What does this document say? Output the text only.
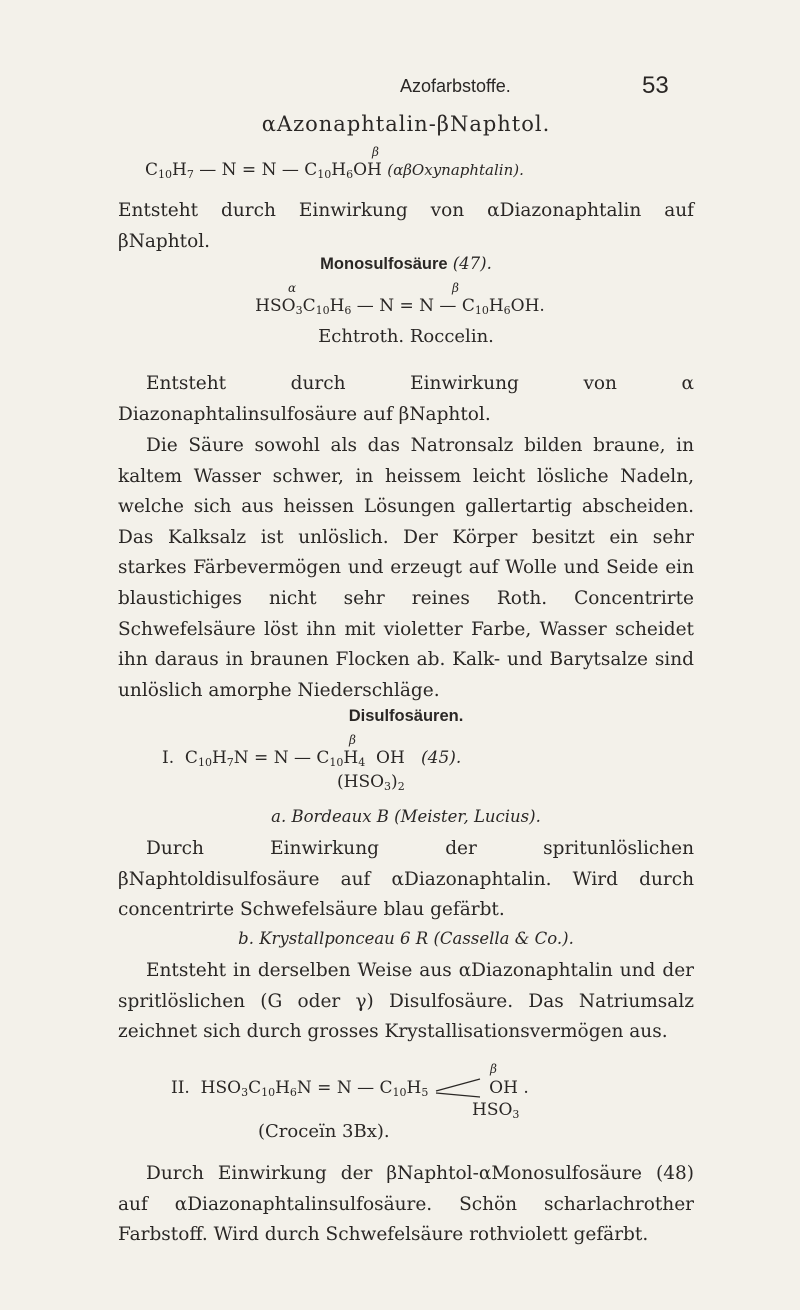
Azofarbstoffe.	53
αAzonaphtalin-βNaphtol.
β
$C_{10}H_7$ — N = N — $C_{10}H_6OH$ (αβOxynaphtalin).
Entsteht durch Einwirkung von αDiazonaphtalin auf βNaphtol.
Monosulfosäure (47).
α	β
$HSO_3C_{10}H_6$ — N = N — $C_{10}H_6OH$.
Echtroth. Roccelin.
Entsteht durch Einwirkung von α Diazonaphtalinsulfosäure auf βNaphtol.
Die Säure sowohl als das Natronsalz bilden braune, in kaltem Wasser schwer, in heissem leicht lösliche Nadeln, welche sich aus heissen Lösungen gallertartig abscheiden. Das Kalksalz ist unlöslich. Der Körper besitzt ein sehr starkes Färbevermögen und erzeugt auf Wolle und Seide ein blaustichiges nicht sehr reines Roth. Concentrirte Schwefelsäure löst ihn mit violetter Farbe, Wasser scheidet ihn daraus in braunen Flocken ab. Kalk- und Barytsalze sind unlöslich amorphe Niederschläge.
Disulfosäuren.
β
I.  $C_{10}H_7N = N$ — $C_{10}H_4$  OH   (45).
$(HSO_3)_2$
a. Bordeaux B (Meister, Lucius).
Durch Einwirkung der spritunlöslichen βNaphtoldisulfosäure auf αDiazonaphtalin. Wird durch concentrirte Schwefelsäure blau gefärbt.
b. Krystallponceau 6 R (Cassella & Co.).
Entsteht in derselben Weise aus αDiazonaphtalin und der spritlöslichen (G oder γ) Disulfosäure. Das Natriumsalz zeichnet sich durch grosses Krystallisationsvermögen aus.
β
II.  $HSO_3C_{10}H_6N = N$ — $C_{10}H_5$	OH .
$HSO_3$
(Croceïn 3Bx).
Durch Einwirkung der βNaphtol-αMonosulfosäure (48) auf αDiazonaphtalinsulfosäure. Schön scharlachrother Farbstoff. Wird durch Schwefelsäure rothviolett gefärbt.
